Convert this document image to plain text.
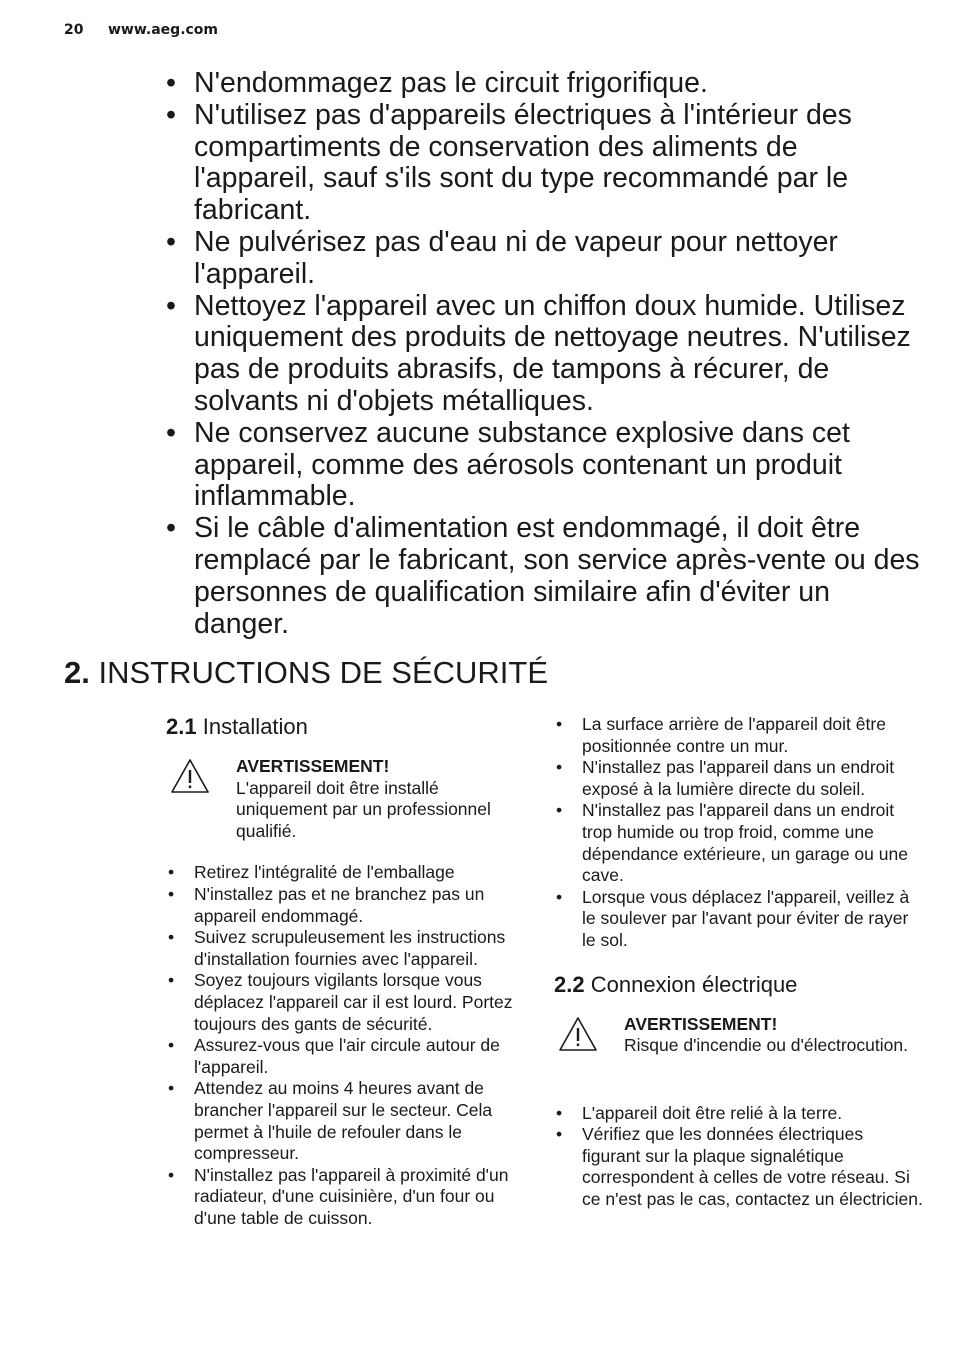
20 www.aeg.com
• N'endommagez pas le circuit frigorifique.
• N'utilisez pas d'appareils électriques à l'intérieur des compartiments de conservation des aliments de l'appareil, sauf s'ils sont du type recommandé par le fabricant.
• Ne pulvérisez pas d'eau ni de vapeur pour nettoyer l'appareil.
• Nettoyez l'appareil avec un chiffon doux humide. Utilisez uniquement des produits de nettoyage neutres. N'utilisez pas de produits abrasifs, de tampons à récurer, de solvants ni d'objets métalliques.
• Ne conservez aucune substance explosive dans cet appareil, comme des aérosols contenant un produit inflammable.
• Si le câble d'alimentation est endommagé, il doit être remplacé par le fabricant, son service après-vente ou des personnes de qualification similaire afin d'éviter un danger.
2. INSTRUCTIONS DE SÉCURITÉ
2.1 Installation
AVERTISSEMENT!
L'appareil doit être installé uniquement par un professionnel qualifié.
• Retirez l'intégralité de l'emballage
• N'installez pas et ne branchez pas un appareil endommagé.
• Suivez scrupuleusement les instructions d'installation fournies avec l'appareil.
• Soyez toujours vigilants lorsque vous déplacez l'appareil car il est lourd. Portez toujours des gants de sécurité.
• Assurez-vous que l'air circule autour de l'appareil.
• Attendez au moins 4 heures avant de brancher l'appareil sur le secteur. Cela permet à l'huile de refouler dans le compresseur.
• N'installez pas l'appareil à proximité d'un radiateur, d'une cuisinière, d'un four ou d'une table de cuisson.
• La surface arrière de l'appareil doit être positionnée contre un mur.
• N'installez pas l'appareil dans un endroit exposé à la lumière directe du soleil.
• N'installez pas l'appareil dans un endroit trop humide ou trop froid, comme une dépendance extérieure, un garage ou une cave.
• Lorsque vous déplacez l'appareil, veillez à le soulever par l'avant pour éviter de rayer le sol.
2.2 Connexion électrique
AVERTISSEMENT!
Risque d'incendie ou d'électrocution.
• L'appareil doit être relié à la terre.
• Vérifiez que les données électriques figurant sur la plaque signalétique correspondent à celles de votre réseau. Si ce n'est pas le cas, contactez un électricien.
